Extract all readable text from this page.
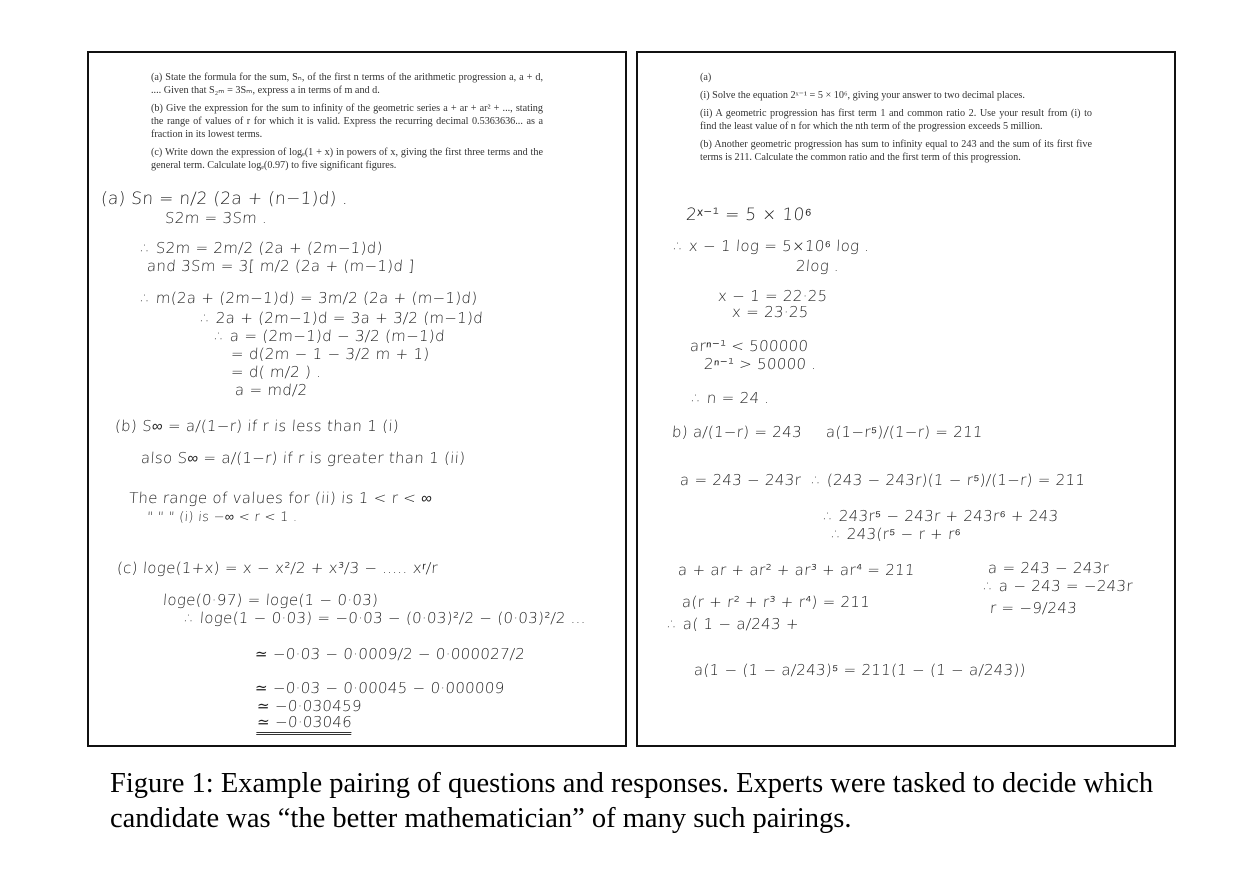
(a) State the formula for the sum, Sₙ, of the first n terms of the arithmetic progression a, a + d, .... Given that S₂ₘ = 3Sₘ, express a in terms of m and d.

(b) Give the expression for the sum to infinity of the geometric series a + ar + ar² + ..., stating the range of values of r for which it is valid. Express the recurring decimal 0.5363636... as a fraction in its lowest terms.

(c) Write down the expression of logₑ(1 + x) in powers of x, giving the first three terms and the general term. Calculate logₑ(0.97) to five significant figures.

(a) Sn = n/2 (2a + (n−1)d) .
S2m = 3Sm .
∴ S2m = 2m/2 (2a + (2m−1)d)
and 3Sm = 3[ m/2 (2a + (m−1)d ]
∴ m(2a + (2m−1)d) = 3m/2 (2a + (m−1)d)
∴ 2a + (2m−1)d = 3a + 3/2 (m−1)d
∴ a = (2m−1)d − 3/2 (m−1)d
= d(2m − 1 − 3/2 m + 1)
= d( m/2 ) .
a = md/2
(b) S∞ = a/(1−r) if r is less than 1 (i)
also S∞ = a/(1−r) if r is greater than 1 (ii)
The range of values for (ii) is 1 < r < ∞
" " " (i) is −∞ < r < 1 .
(c) loge(1+x) = x − x²/2 + x³/3 − ..... xʳ/r
loge(0·97) = loge(1 − 0·03)
∴ loge(1 − 0·03) = −0·03 − (0·03)²/2 − (0·03)²/2 ...
≃ −0·03 − 0·0009/2 − 0·000027/2
≃ −0·03 − 0·00045 − 0·000009
≃ −0·030459
≃ −0·03046

(a)

(i) Solve the equation 2ˣ⁻¹ = 5 × 10⁶, giving your answer to two decimal places.

(ii) A geometric progression has first term 1 and common ratio 2. Use your result from (i) to find the least value of n for which the nth term of the progression exceeds 5 million.

(b) Another geometric progression has sum to infinity equal to 243 and the sum of its first five terms is 211. Calculate the common ratio and the first term of this progression.

2ˣ⁻¹ = 5 × 10⁶
∴ x − 1 log = 5×10⁶ log .
2log .
x − 1 = 22·25
x = 23·25
arⁿ⁻¹ < 500000
2ⁿ⁻¹ > 50000 .
∴ n = 24 .
b) a/(1−r) = 243 a(1−r⁵)/(1−r) = 211
a = 243 − 243r ∴ (243 − 243r)(1 − r⁵)/(1−r) = 211
∴ 243r⁵ − 243r + 243r⁶ + 243
∴ 243(r⁵ − r + r⁶
a + ar + ar² + ar³ + ar⁴ = 211
a(r + r² + r³ + r⁴) = 211
∴ a( 1 − a/243 +
a(1 − (1 − a/243)⁵ = 211(1 − (1 − a/243))
a = 243 − 243r
∴ a − 243 = −243r
r = −9/243
Figure 1: Example pairing of questions and responses. Experts were tasked to decide which candidate was “the better mathematician” of many such pairings.
